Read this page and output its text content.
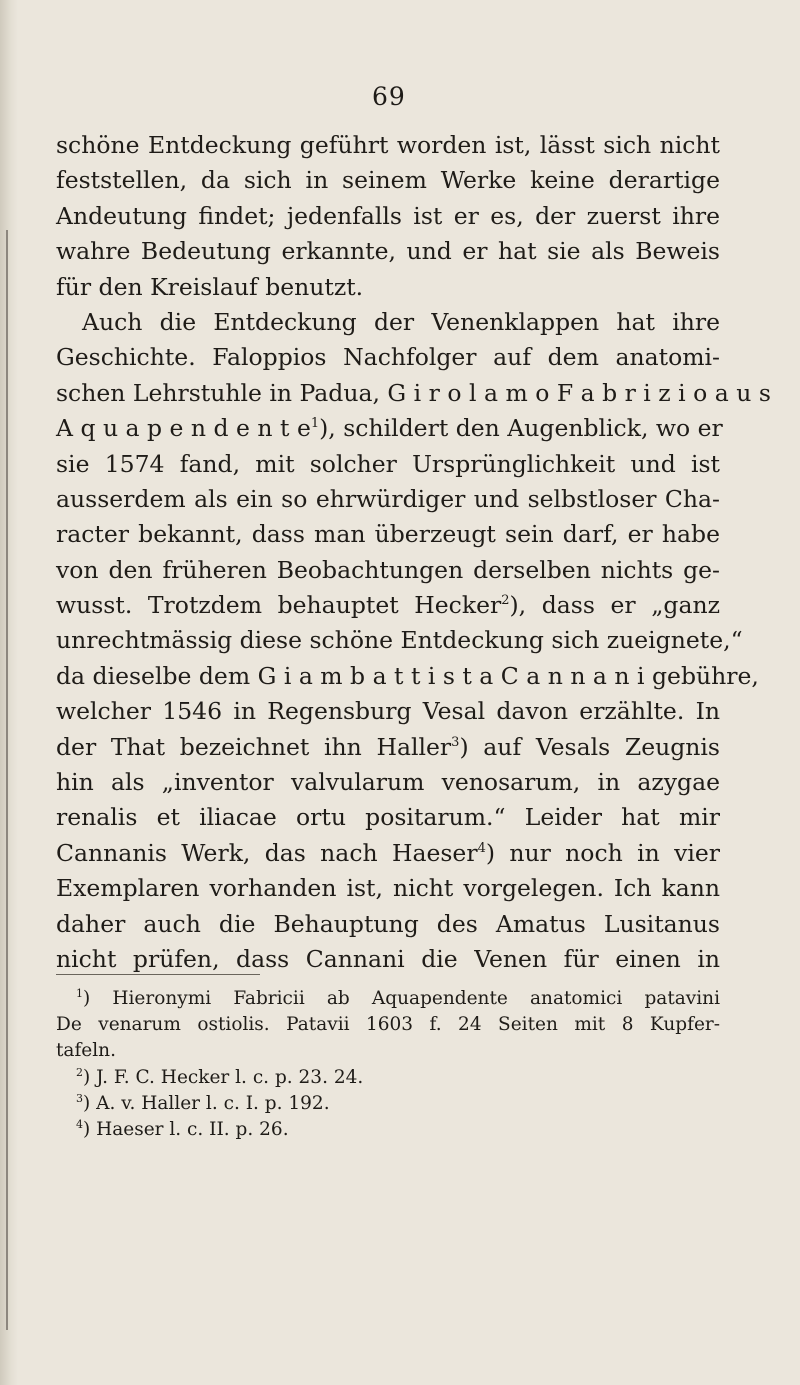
69
schöne Entdeckung geführt worden ist, lässt sich nicht
feststellen, da sich in seinem Werke keine derartige
Andeutung findet; jedenfalls ist er es, der zuerst ihre
wahre Bedeutung erkannte, und er hat sie als Beweis
für den Kreislauf benutzt.
Auch die Entdeckung der Venenklappen hat ihre
Geschichte. Faloppios Nachfolger auf dem anatomi-
schen Lehrstuhle in Padua, G i r o l a m o F a b r i z i o a u s
A q u a p e n d e n t $e^1$), schildert den Augenblick, wo er
sie 1574 fand, mit solcher Ursprünglichkeit und ist
ausserdem als ein so ehrwürdiger und selbstloser Cha-
racter bekannt, dass man überzeugt sein darf, er habe
von den früheren Beobachtungen derselben nichts ge-
wusst. Trotzdem behauptet Hecker$^2$), dass er „ganz
unrechtmässig diese schöne Entdeckung sich zueignete,“
da dieselbe dem G i a m b a t t i s t a C a n n a n i gebühre,
welcher 1546 in Regensburg Vesal davon erzählte. In
der That bezeichnet ihn Haller$^3$) auf Vesals Zeugnis
hin als „inventor valvularum venosarum, in azygae
renalis et iliacae ortu positarum.“ Leider hat mir
Cannanis Werk, das nach Haeser$^4$) nur noch in vier
Exemplaren vorhanden ist, nicht vorgelegen. Ich kann
daher auch die Behauptung des Amatus Lusitanus
nicht prüfen, dass Cannani die Venen für einen in
$^1$) Hieronymi Fabricii ab Aquapendente anatomici patavini
De venarum ostiolis. Patavii 1603 f. 24 Seiten mit 8 Kupfer-
tafeln.
$^2$) J. F. C. Hecker l. c. p. 23. 24.
$^3$) A. v. Haller l. c. I. p. 192.
$^4$) Haeser l. c. II. p. 26.
